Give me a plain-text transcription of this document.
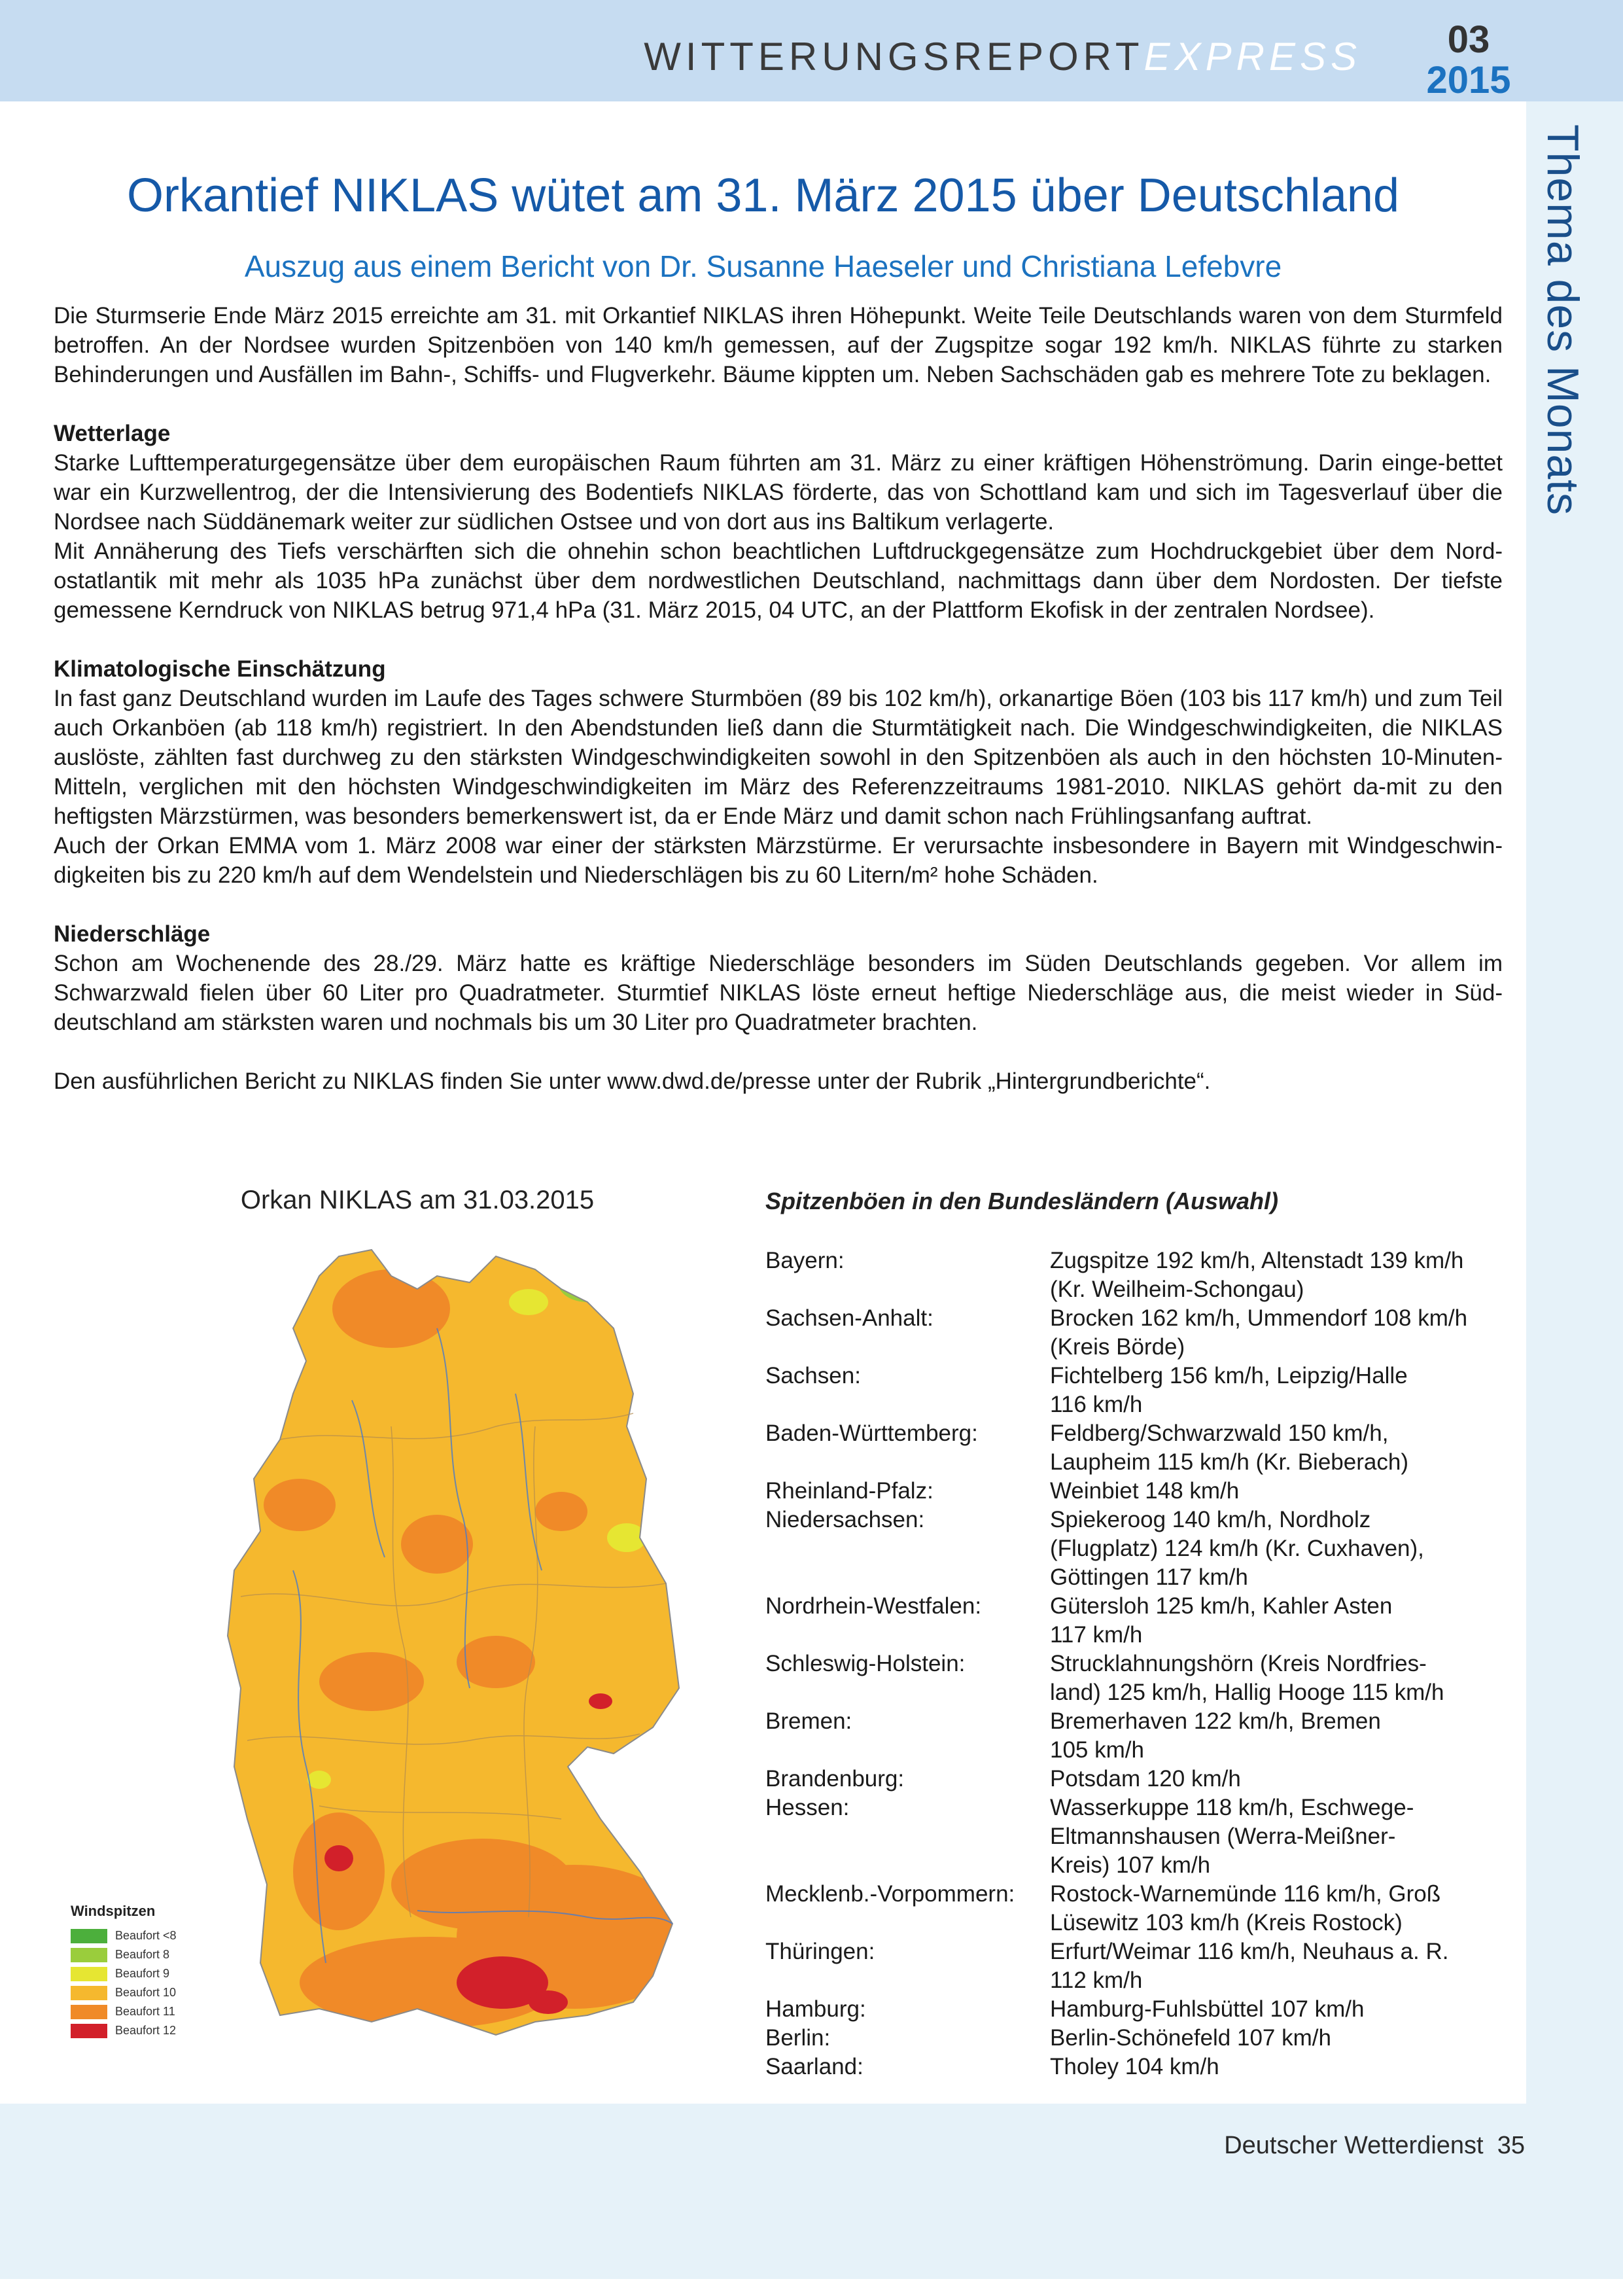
WITTERUNGSREPORTEXPRESS	03
2015
Thema des Monats
Orkantief NIKLAS wütet am 31. März 2015 über Deutschland
Auszug aus einem Bericht von Dr. Susanne Haeseler und Christiana Lefebvre

Die Sturmserie Ende März 2015 erreichte am 31. mit Orkantief NIKLAS ihren Höhepunkt. Weite Teile Deutschlands waren von dem Sturmfeld betroffen. An der Nordsee wurden Spitzenböen von 140 km/h gemessen, auf der Zugspitze sogar 192 km/h. NIKLAS führte zu starken Behinderungen und Ausfällen im Bahn-, Schiffs- und Flugverkehr. Bäume kippten um. Neben Sachschäden gab es mehrere Tote zu beklagen.

Wetterlage

Starke Lufttemperaturgegensätze über dem europäischen Raum führten am 31. März zu einer kräftigen Höhenströmung. Darin einge-bettet war ein Kurzwellentrog, der die Intensivierung des Bodentiefs NIKLAS förderte, das von Schottland kam und sich im Tagesverlauf über die Nordsee nach Süddänemark weiter zur südlichen Ostsee und von dort aus ins Baltikum verlagerte.

Mit Annäherung des Tiefs verschärften sich die ohnehin schon beachtlichen Luftdruckgegensätze zum Hochdruckgebiet über dem Nord-ostatlantik mit mehr als 1035 hPa zunächst über dem nordwestlichen Deutschland, nachmittags dann über dem Nordosten. Der tiefste gemessene Kerndruck von NIKLAS betrug 971,4 hPa (31. März 2015, 04 UTC, an der Plattform Ekofisk in der zentralen Nordsee).

Klimatologische Einschätzung

In fast ganz Deutschland wurden im Laufe des Tages schwere Sturmböen (89 bis 102 km/h), orkanartige Böen (103 bis 117 km/h) und zum Teil auch Orkanböen (ab 118 km/h) registriert. In den Abendstunden ließ dann die Sturmtätigkeit nach. Die Windgeschwindigkeiten, die NIKLAS auslöste, zählten fast durchweg zu den stärksten Windgeschwindigkeiten sowohl in den Spitzenböen als auch in den höchsten 10-Minuten-Mitteln, verglichen mit den höchsten Windgeschwindigkeiten im März des Referenzzeitraums 1981-2010. NIKLAS gehört da-mit zu den heftigsten Märzstürmen, was besonders bemerkenswert ist, da er Ende März und damit schon nach Frühlingsanfang auftrat.

Auch der Orkan EMMA vom 1. März 2008 war einer der stärksten Märzstürme. Er verursachte insbesondere in Bayern mit Windgeschwin-digkeiten bis zu 220 km/h auf dem Wendelstein und Niederschlägen bis zu 60 Litern/m² hohe Schäden.

Niederschläge

Schon am Wochenende des 28./29. März hatte es kräftige Niederschläge besonders im Süden Deutschlands gegeben. Vor allem im Schwarzwald fielen über 60 Liter pro Quadratmeter. Sturmtief NIKLAS löste erneut heftige Niederschläge aus, die meist wieder in Süd-deutschland am stärksten waren und nochmals bis um 30 Liter pro Quadratmeter brachten.

Den ausführlichen Bericht zu NIKLAS finden Sie unter www.dwd.de/presse unter der Rubrik „Hintergrundberichte“.

Orkan NIKLAS am 31.03.2015
Windspitzen
Beaufort <8
Beaufort 8
Beaufort 9
Beaufort 10
Beaufort 11
Beaufort 12
Spitzenböen in den Bundesländern (Auswahl)
Bayern:	Zugspitze 192 km/h, Altenstadt 139 km/h
(Kr. Weilheim-Schongau)
Sachsen-Anhalt:	Brocken 162 km/h, Ummendorf 108 km/h
(Kreis Börde)
Sachsen:	Fichtelberg 156 km/h, Leipzig/Halle
116 km/h
Baden-Württemberg:	Feldberg/Schwarzwald 150 km/h,
Laupheim 115 km/h (Kr. Bieberach)
Rheinland-Pfalz:	Weinbiet 148 km/h
Niedersachsen:	Spiekeroog 140 km/h, Nordholz
(Flugplatz) 124 km/h (Kr. Cuxhaven),
Göttingen 117 km/h
Nordrhein-Westfalen:	Gütersloh 125 km/h, Kahler Asten
117 km/h
Schleswig-Holstein:	Strucklahnungshörn (Kreis Nordfries-
land) 125 km/h, Hallig Hooge 115 km/h
Bremen:	Bremerhaven 122 km/h, Bremen
105 km/h
Brandenburg:	Potsdam 120 km/h
Hessen:	Wasserkuppe 118 km/h, Eschwege-
Eltmannshausen (Werra-Meißner-
Kreis) 107 km/h
Mecklenb.-Vorpommern:	Rostock-Warnemünde 116 km/h, Groß
Lüsewitz 103 km/h (Kreis Rostock)
Thüringen:	Erfurt/Weimar 116 km/h, Neuhaus a. R.
112 km/h
Hamburg:	Hamburg-Fuhlsbüttel 107 km/h
Berlin:	Berlin-Schönefeld 107 km/h
Saarland:	Tholey 104 km/h
Deutscher Wetterdienst 35
